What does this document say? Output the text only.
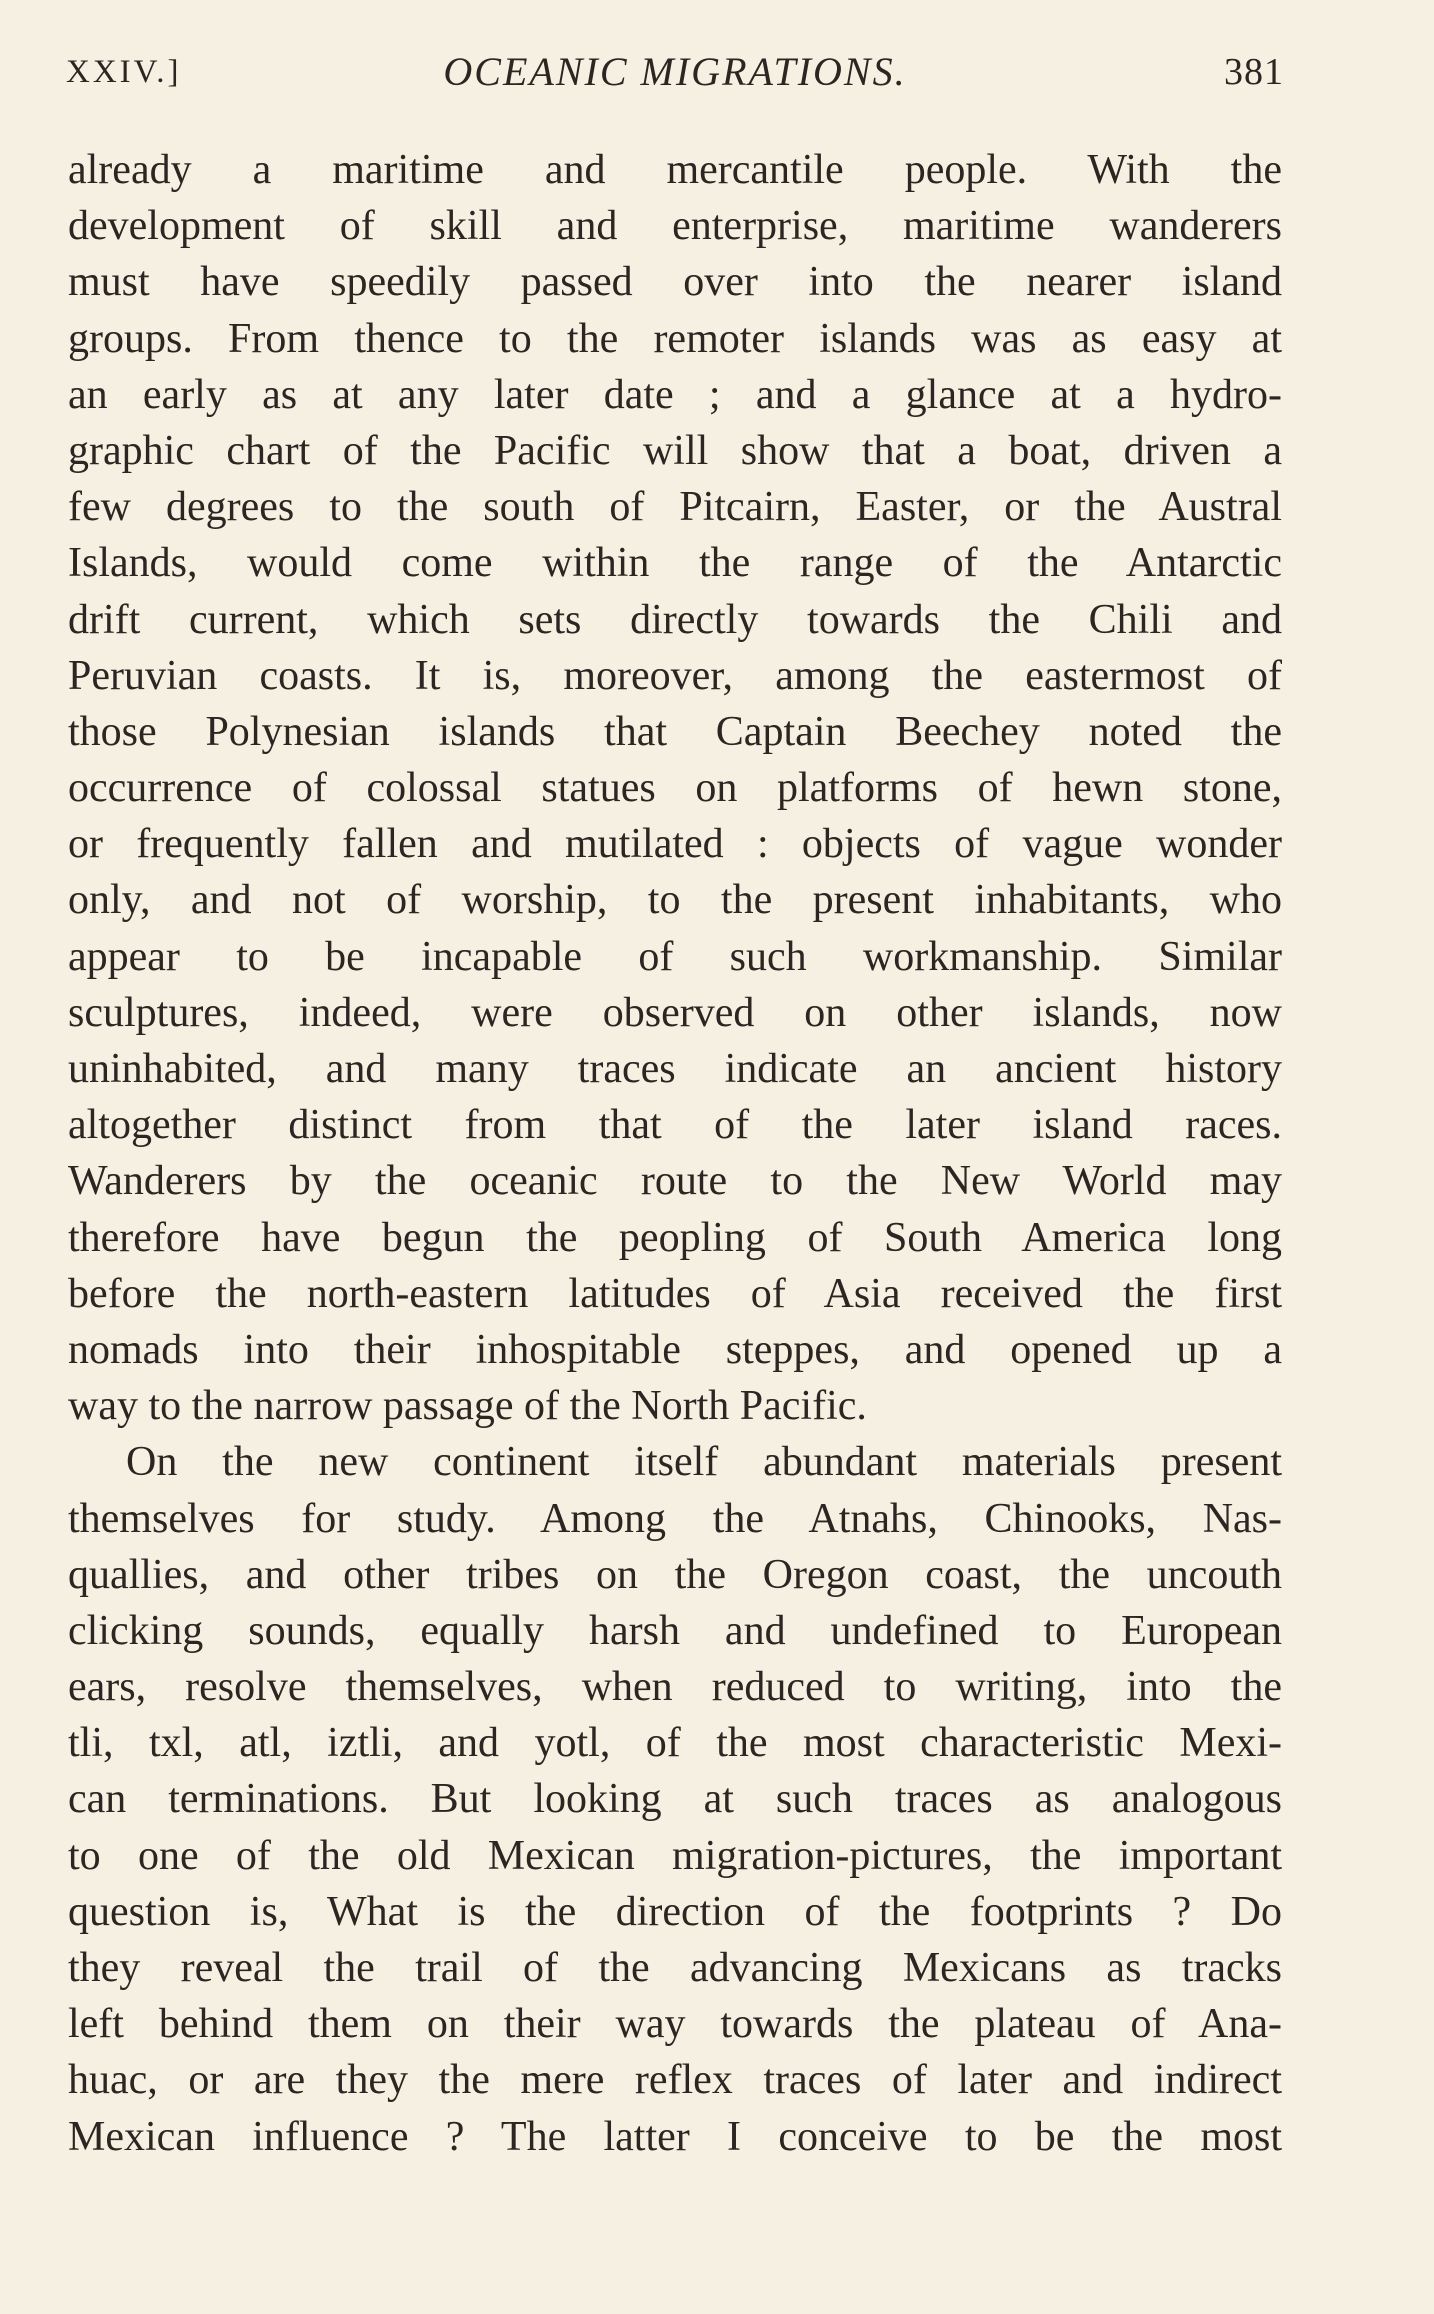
XXIV.]	OCEANIC MIGRATIONS.	381
already a maritime and mercantile people. With the
development of skill and enterprise, maritime wanderers
must have speedily passed over into the nearer island
groups. From thence to the remoter islands was as easy at
an early as at any later date ; and a glance at a hydro-
graphic chart of the Pacific will show that a boat, driven a
few degrees to the south of Pitcairn, Easter, or the Austral
Islands, would come within the range of the Antarctic
drift current, which sets directly towards the Chili and
Peruvian coasts. It is, moreover, among the eastermost of
those Polynesian islands that Captain Beechey noted the
occurrence of colossal statues on platforms of hewn stone,
or frequently fallen and mutilated : objects of vague wonder
only, and not of worship, to the present inhabitants, who
appear to be incapable of such workmanship. Similar
sculptures, indeed, were observed on other islands, now
uninhabited, and many traces indicate an ancient history
altogether distinct from that of the later island races.
Wanderers by the oceanic route to the New World may
therefore have begun the peopling of South America long
before the north-eastern latitudes of Asia received the first
nomads into their inhospitable steppes, and opened up a
way to the narrow passage of the North Pacific.
On the new continent itself abundant materials present
themselves for study. Among the Atnahs, Chinooks, Nas-
quallies, and other tribes on the Oregon coast, the uncouth
clicking sounds, equally harsh and undefined to European
ears, resolve themselves, when reduced to writing, into the
tli, txl, atl, iztli, and yotl, of the most characteristic Mexi-
can terminations. But looking at such traces as analogous
to one of the old Mexican migration-pictures, the important
question is, What is the direction of the footprints ? Do
they reveal the trail of the advancing Mexicans as tracks
left behind them on their way towards the plateau of Ana-
huac, or are they the mere reflex traces of later and indirect
Mexican influence ? The latter I conceive to be the most
